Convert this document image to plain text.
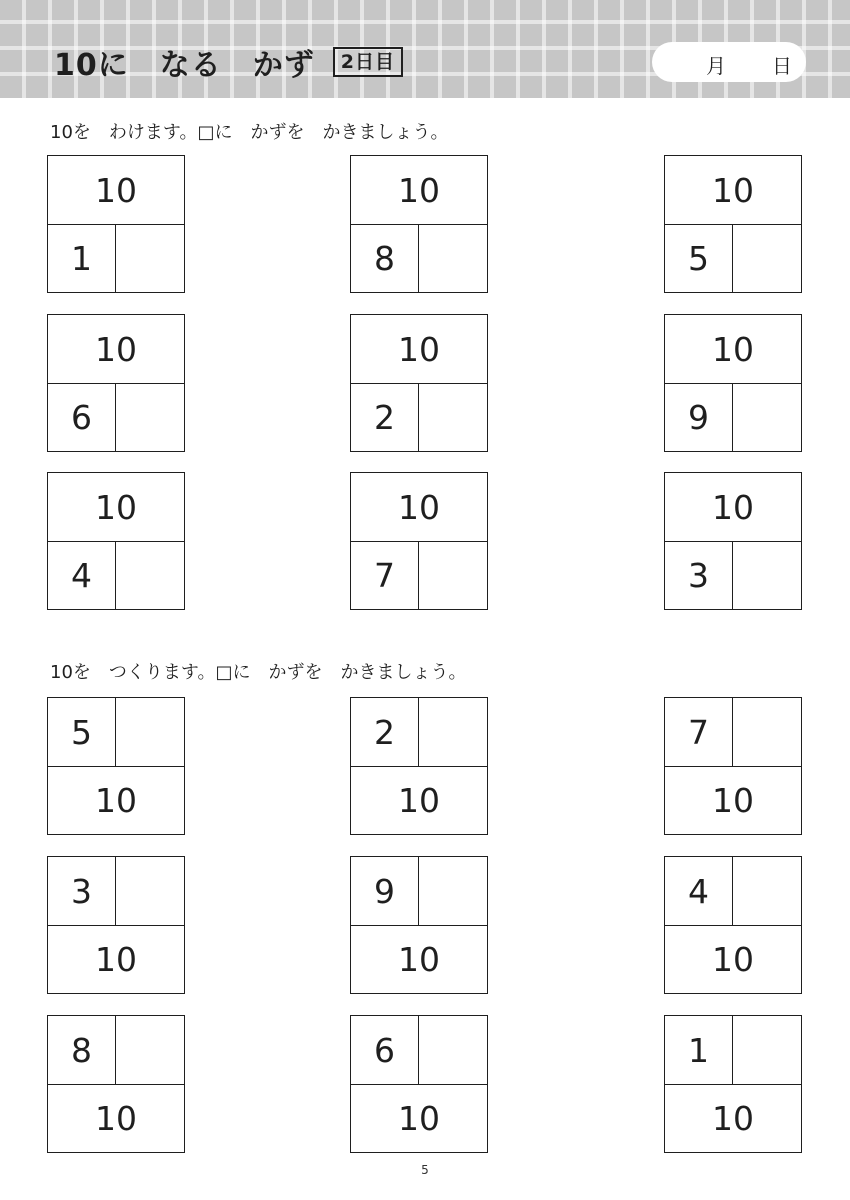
10に　なる　かず	2日目	月 日
10を　わけます。□に　かずを　かきましょう。
10
1
10
8
10
5
10
6
10
2
10
9
10
4
10
7
10
3
10を　つくります。□に　かずを　かきましょう。
5
10
2
10
7
10
3
10
9
10
4
10
8
10
6
10
1
10
5
